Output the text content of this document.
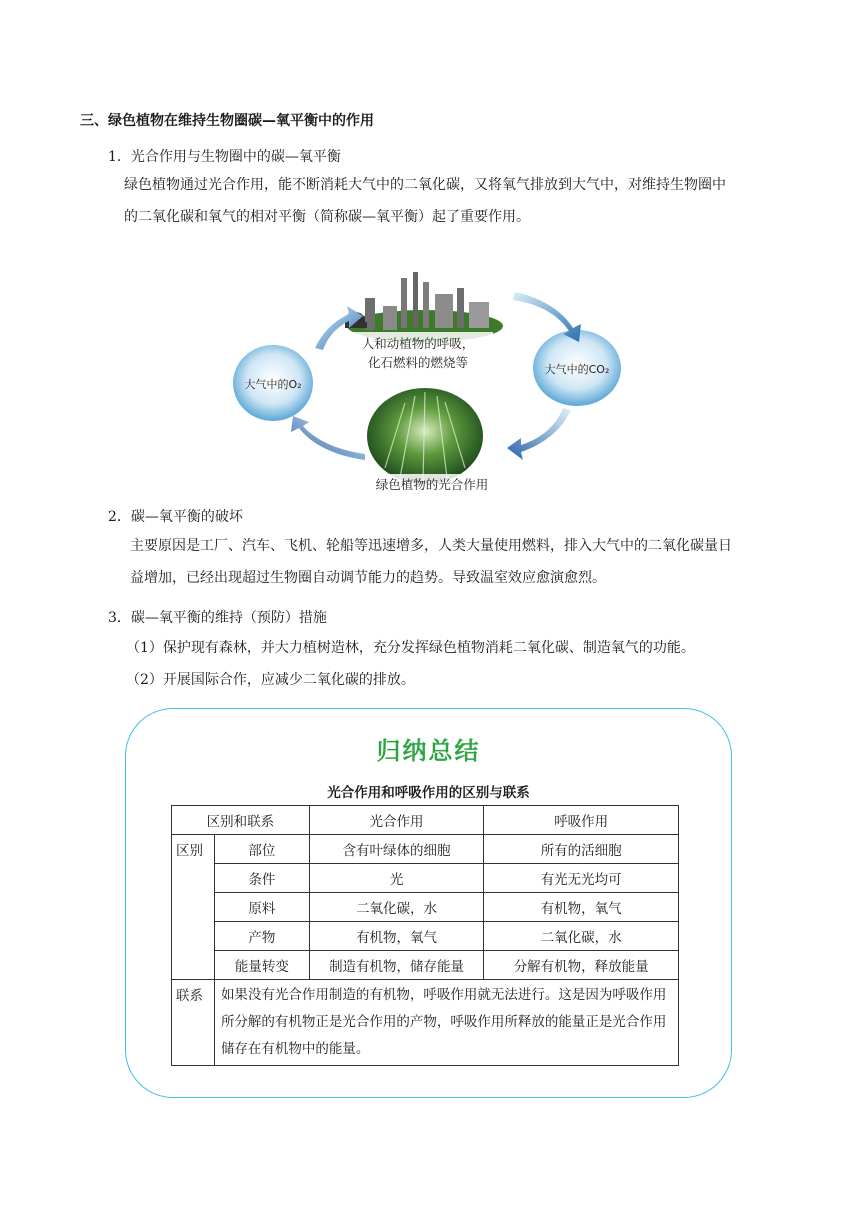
三、绿色植物在维持生物圈碳—氧平衡中的作用
1．光合作用与生物圈中的碳—氧平衡
绿色植物通过光合作用，能不断消耗大气中的二氧化碳，又将氧气排放到大气中，对维持生物圈中
的二氧化碳和氧气的相对平衡（简称碳—氧平衡）起了重要作用。
人和动植物的呼吸，
化石燃料的燃烧等
大气中的O₂
大气中的CO₂
绿色植物的光合作用
2．碳—氧平衡的破坏
主要原因是工厂、汽车、飞机、轮船等迅速增多，人类大量使用燃料，排入大气中的二氧化碳量日
益增加，已经出现超过生物圈自动调节能力的趋势。导致温室效应愈演愈烈。
3．碳—氧平衡的维持（预防）措施
（1）保护现有森林，并大力植树造林，充分发挥绿色植物消耗二氧化碳、制造氧气的功能。
（2）开展国际合作，应减少二氧化碳的排放。
归纳总结
光合作用和呼吸作用的区别与联系
区别和联系		光合作用	呼吸作用
区别	部位	含有叶绿体的细胞	所有的活细胞
	条件	光	有光无光均可
	原料	二氧化碳，水	有机物，氧气
	产物	有机物，氧气	二氧化碳，水
	能量转变	制造有机物，储存能量	分解有机物，释放能量
联系	如果没有光合作用制造的有机物，呼吸作用就无法进行。这是因为呼吸作用所分解的有机物正是光合作用的产物，呼吸作用所释放的能量正是光合作用储存在有机物中的能量。		
